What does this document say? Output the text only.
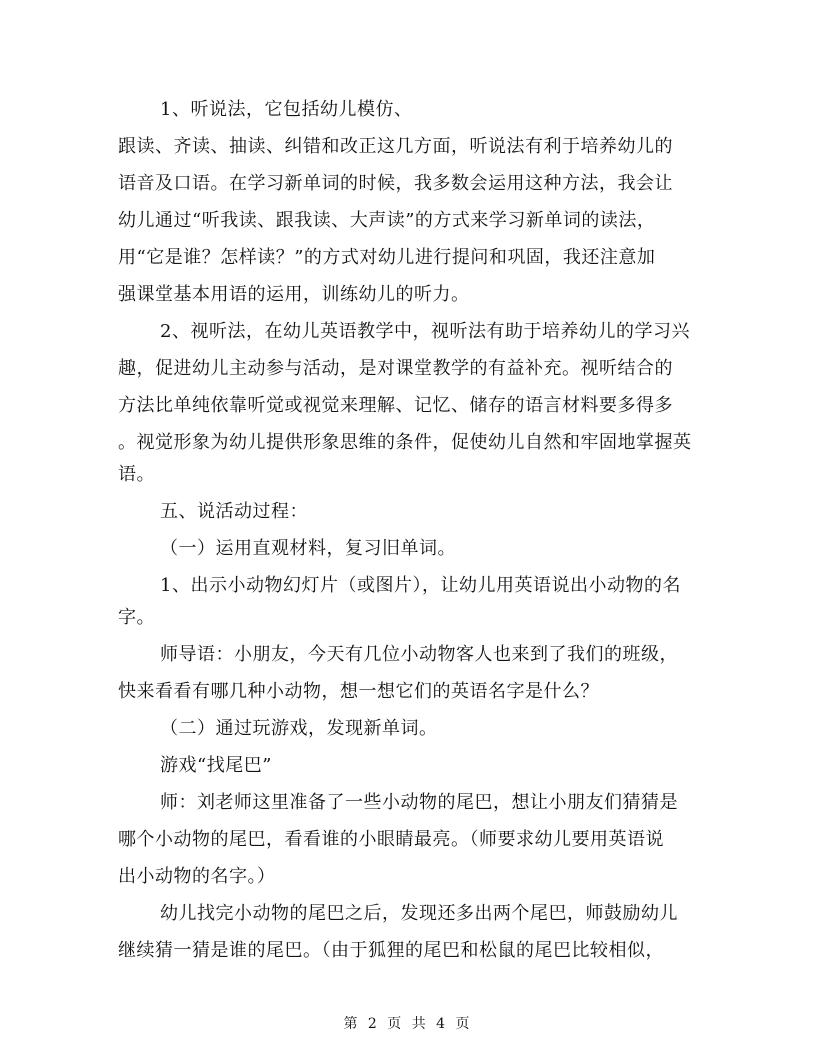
1、听说法，它包括幼儿模仿、
跟读、齐读、抽读、纠错和改正这几方面，听说法有利于培养幼儿的
语音及口语。在学习新单词的时候，我多数会运用这种方法，我会让
幼儿通过“听我读、跟我读、大声读”的方式来学习新单词的读法，
用“它是谁？怎样读？”的方式对幼儿进行提问和巩固，我还注意加
强课堂基本用语的运用，训练幼儿的听力。
2、视听法，在幼儿英语教学中，视听法有助于培养幼儿的学习兴
趣，促进幼儿主动参与活动，是对课堂教学的有益补充。视听结合的
方法比单纯依靠听觉或视觉来理解、记忆、储存的语言材料要多得多
。视觉形象为幼儿提供形象思维的条件，促使幼儿自然和牢固地掌握英
语。
五、说活动过程：
（一）运用直观材料，复习旧单词。
1、出示小动物幻灯片（或图片），让幼儿用英语说出小动物的名
字。
师导语：小朋友，今天有几位小动物客人也来到了我们的班级，
快来看看有哪几种小动物，想一想它们的英语名字是什么？
（二）通过玩游戏，发现新单词。
游戏“找尾巴”
师：刘老师这里准备了一些小动物的尾巴，想让小朋友们猜猜是
哪个小动物的尾巴，看看谁的小眼睛最亮。（师要求幼儿要用英语说
出小动物的名字。）
幼儿找完小动物的尾巴之后，发现还多出两个尾巴，师鼓励幼儿
继续猜一猜是谁的尾巴。（由于狐狸的尾巴和松鼠的尾巴比较相似，
第 2 页 共 4 页
